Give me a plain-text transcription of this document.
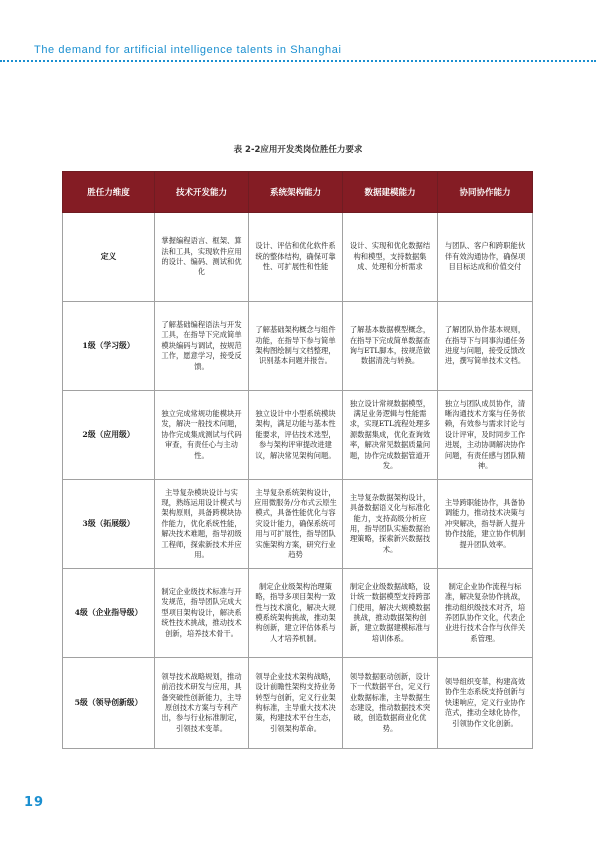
The demand for artificial intelligence talents in Shanghai
表 2-2应用开发类岗位胜任力要求
胜任力维度	技术开发能力	系统架构能力	数据建模能力	协同协作能力
定义	掌握编程语言、框架、算法和工具，实现软件应用的设计、编码、测试和优化	设计、评估和优化软件系统的整体结构，确保可靠性、可扩展性和性能	设计、实现和优化数据结构和模型，支持数据集成、处理和分析需求	与团队、客户和跨职能伙伴有效沟通协作，确保项目目标达成和价值交付
1级（学习级）	了解基础编程语法与开发工具，在指导下完成简单模块编码与调试，按规范工作，愿意学习，接受反馈。	了解基础架构概念与组件功能，在指导下参与简单架构图绘制与文档整理，识别基本问题并报告。	了解基本数据模型概念，在指导下完成简单数据查询与ETL脚本，按规范做数据清洗与转换。	了解团队协作基本规则，在指导下与同事沟通任务进度与问题，接受反馈改进，撰写简单技术文档。
2级（应用级）	独立完成常规功能模块开发，解决一般技术问题，协作完成集成测试与代码审查，有责任心与主动性。	独立设计中小型系统模块架构，满足功能与基本性能要求，评估技术选型，参与架构评审提改进建议，解决常见架构问题。	独立设计常规数据模型，满足业务逻辑与性能需求，实现ETL流程处理多源数据集成，优化查询效率，解决常见数据质量问题，协作完成数据管道开发。	独立与团队成员协作，清晰沟通技术方案与任务依赖，有效参与需求讨论与设计评审，及时同步工作进展，主动协调解决协作问题，有责任感与团队精神。
3级（拓展级）	主导复杂模块设计与实现，熟练运用设计模式与架构原则，具备跨模块协作能力，优化系统性能，解决技术难题，指导初级工程师，探索新技术并应用。	主导复杂系统架构设计，应用微服务/分布式云原生模式，具备性能优化与容灾设计能力，确保系统可用与可扩展性，指导团队实施架构方案，研究行业趋势	主导复杂数据架构设计，具备数据语义化与标准化能力，支持高级分析应用，指导团队实施数据治理策略，探索新兴数据技术。	主导跨职能协作，具备协调能力，推动技术决策与冲突解决，指导新人提升协作技能，建立协作机制提升团队效率。
4级（企业指导级）	制定企业级技术标准与开发规范，指导团队完成大型项目架构设计，解决系统性技术挑战，推动技术创新，培养技术骨干。	制定企业级架构治理策略，指导多项目架构一致性与技术演化，解决大规模系统架构挑战，推动架构创新，建立评估体系与人才培养机制。	制定企业级数据战略，设计统一数据模型支持跨部门使用，解决大规模数据挑战，推动数据架构创新，建立数据建模标准与培训体系。	制定企业协作流程与标准，解决复杂协作挑战，推动组织级技术对齐，培养团队协作文化，代表企业进行技术合作与伙伴关系管理。
5级（领导创新级）	领导技术战略规划，推动前沿技术研发与应用，具备突破性创新能力，主导原创技术方案与专利产出，参与行业标准制定，引领技术变革。	领导企业技术架构战略，设计前瞻性架构支持业务转型与创新，定义行业架构标准，主导重大技术决策，构建技术平台生态，引领架构革命。	领导数据驱动创新，设计下一代数据平台，定义行业数据标准，主导数据生态建设，推动数据技术突破，创造数据商业化优势。	领导组织变革，构建高效协作生态系统支持创新与快速响应，定义行业协作范式，推动全球化协作，引领协作文化创新。
19
